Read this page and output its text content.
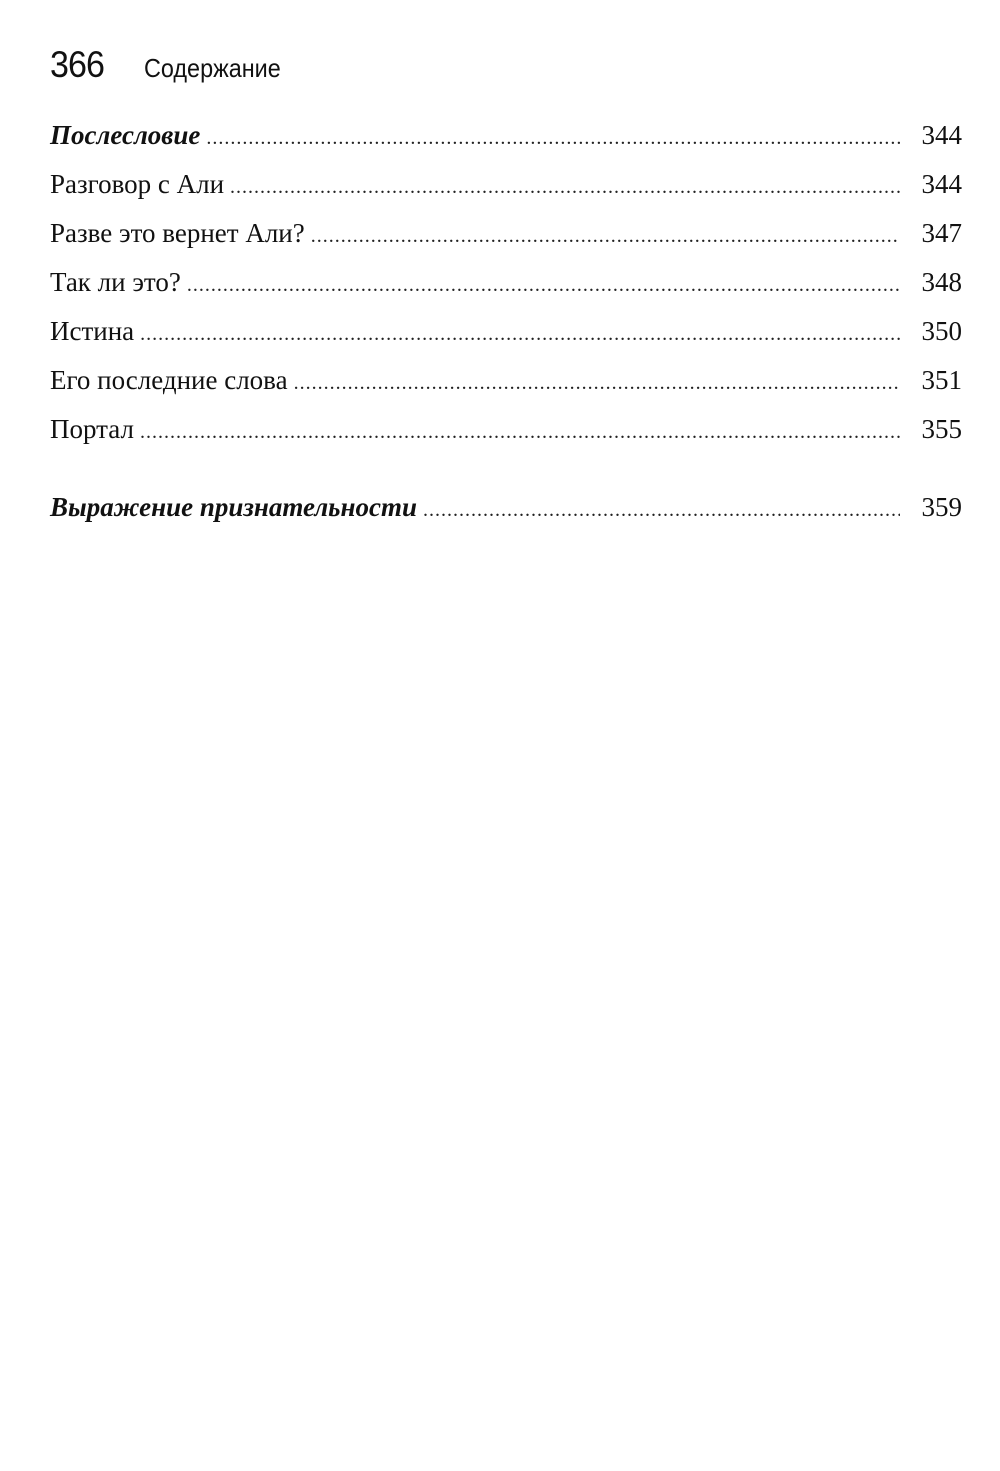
366 Содержание
Послесловие .....	344
Разговор с Али .....	344
Разве это вернет Али? .....	347
Так ли это? .....	348
Истина .....	350
Его последние слова .....	351
Портал .....	355
Выражение признательности .....	359
